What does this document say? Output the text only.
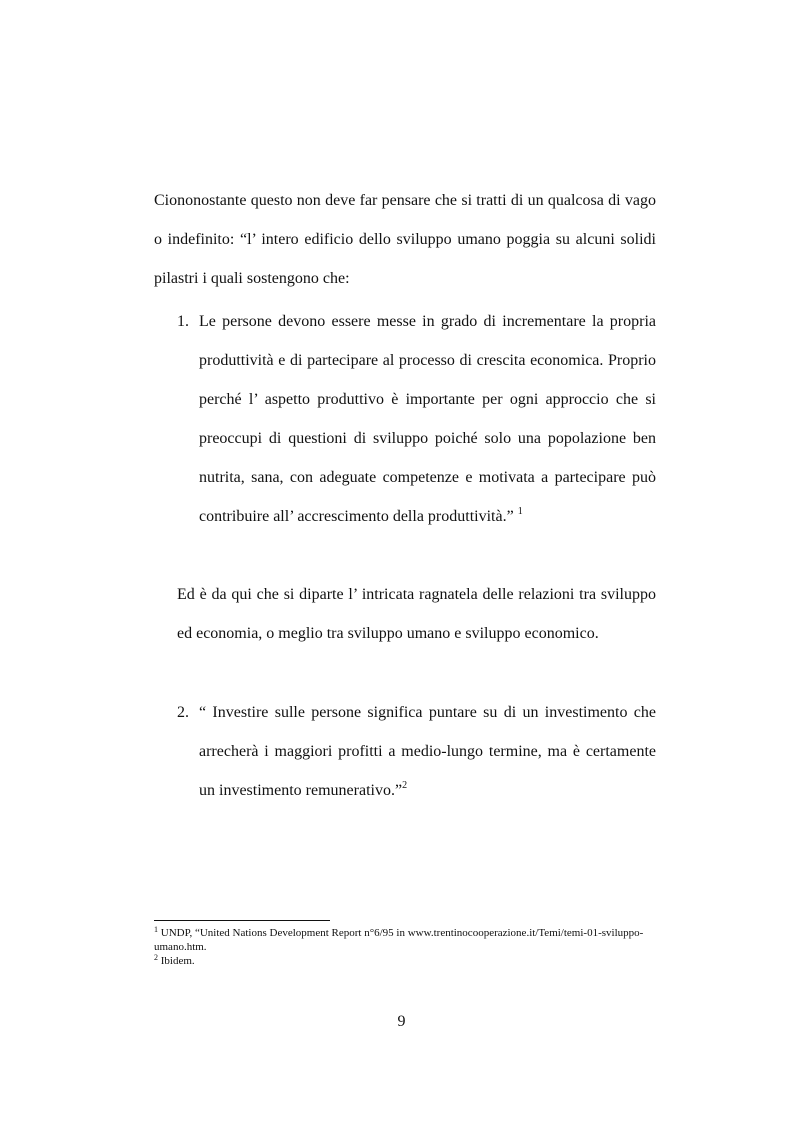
Ciononostante questo non deve far pensare che si tratti di un qualcosa di vago o indefinito: “l’ intero edificio dello sviluppo umano poggia su alcuni solidi pilastri i quali sostengono che:
1. Le persone devono essere messe in grado di incrementare la propria produttività e di partecipare al processo di crescita economica. Proprio perché l’ aspetto produttivo è importante per ogni approccio che si preoccupi di questioni di sviluppo poiché solo una popolazione ben nutrita, sana, con adeguate competenze e motivata a partecipare può contribuire all’ accrescimento della produttività.” $^1$
Ed è da qui che si diparte l’ intricata ragnatela delle relazioni tra sviluppo ed economia, o meglio tra sviluppo umano e sviluppo economico.
2. “ Investire sulle persone significa puntare su di un investimento che arrecherà i maggiori profitti a medio-lungo termine, ma è certamente un investimento remunerativo.”$^2$
$^1$ UNDP, “United Nations Development Report n°6/95 in www.trentinocooperazione.it/Temi/temi-01-sviluppo-umano.htm.
$^2$ Ibidem.
9
